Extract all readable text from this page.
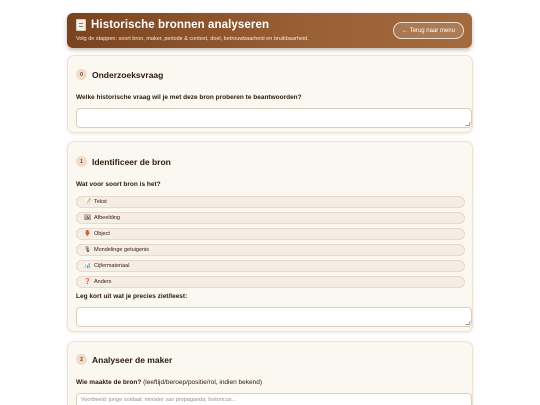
Historische bronnen analyseren
Volg de stappen: soort bron, maker, periode & context, doel, betrouwbaarheid en bruikbaarheid.
← Terug naar menu
0	Onderzoeksvraag
Welke historische vraag wil je met deze bron proberen te beantwoorden?
1	Identificeer de bron
Wat voor soort bron is het?
📝 Tekst
🖼 Afbeelding
🏺 Object
🎙 Mondelinge getuigenis
📊 Cijfermateriaal
❓ Anders
Leg kort uit wat je precies ziet/leest:
2	Analyseer de maker
Wie maakte de bron? (leeftijd/beroep/positie/rol, indien bekend)
Voorbeeld: jonge soldaat; minister van propaganda; historicus...
